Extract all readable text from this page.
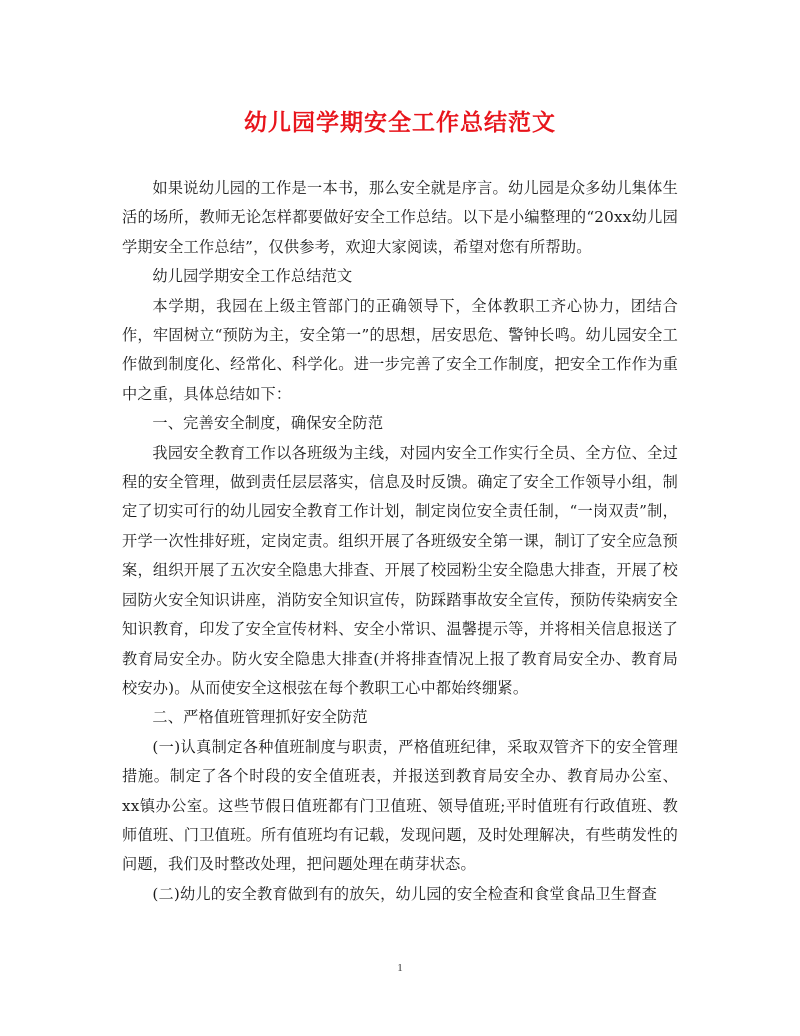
幼儿园学期安全工作总结范文

如果说幼儿园的工作是一本书，那么安全就是序言。幼儿园是众多幼儿集体生活的场所，教师无论怎样都要做好安全工作总结。以下是小编整理的“20xx幼儿园学期安全工作总结”，仅供参考，欢迎大家阅读，希望对您有所帮助。

幼儿园学期安全工作总结范文

本学期，我园在上级主管部门的正确领导下，全体教职工齐心协力，团结合作，牢固树立“预防为主，安全第一”的思想，居安思危、警钟长鸣。幼儿园安全工作做到制度化、经常化、科学化。进一步完善了安全工作制度，把安全工作作为重中之重，具体总结如下：

一、完善安全制度，确保安全防范

我园安全教育工作以各班级为主线，对园内安全工作实行全员、全方位、全过程的安全管理，做到责任层层落实，信息及时反馈。确定了安全工作领导小组，制定了切实可行的幼儿园安全教育工作计划，制定岗位安全责任制，“一岗双责”制，开学一次性排好班，定岗定责。组织开展了各班级安全第一课，制订了安全应急预案，组织开展了五次安全隐患大排查、开展了校园粉尘安全隐患大排查，开展了校园防火安全知识讲座，消防安全知识宣传，防踩踏事故安全宣传，预防传染病安全知识教育，印发了安全宣传材料、安全小常识、温馨提示等，并将相关信息报送了教育局安全办。防火安全隐患大排查(并将排查情况上报了教育局安全办、教育局校安办)。从而使安全这根弦在每个教职工心中都始终绷紧。

二、严格值班管理抓好安全防范

(一)认真制定各种值班制度与职责，严格值班纪律，采取双管齐下的安全管理措施。制定了各个时段的安全值班表，并报送到教育局安全办、教育局办公室、xx镇办公室。这些节假日值班都有门卫值班、领导值班;平时值班有行政值班、教师值班、门卫值班。所有值班均有记载，发现问题，及时处理解决，有些萌发性的问题，我们及时整改处理，把问题处理在萌芽状态。

(二)幼儿的安全教育做到有的放矢，幼儿园的安全检查和食堂食品卫生督查

1
